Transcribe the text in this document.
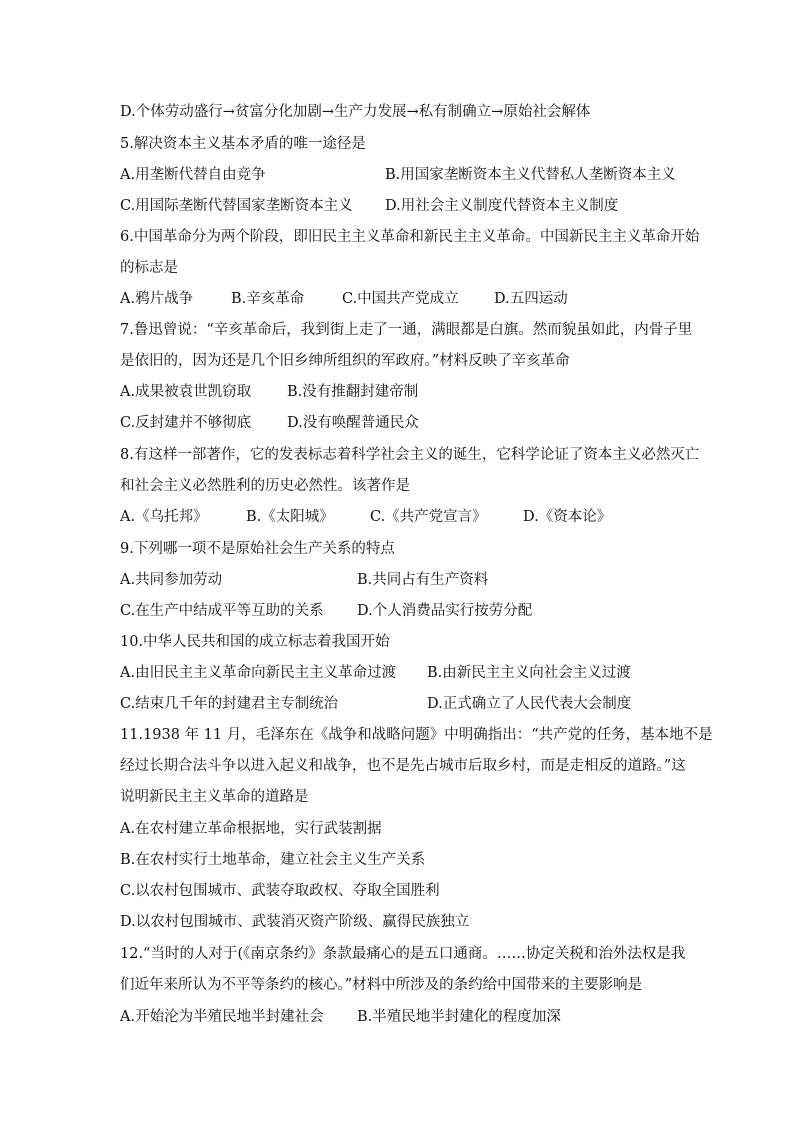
D.个体劳动盛行→贫富分化加剧→生产力发展→私有制确立→原始社会解体
5.解决资本主义基本矛盾的唯一途径是
A.用垄断代替自由竞争	B.用国家垄断资本主义代替私人垄断资本主义
C.用国际垄断代替国家垄断资本主义 D.用社会主义制度代替资本主义制度
6.中国革命分为两个阶段，即旧民主主义革命和新民主主义革命。中国新民主主义革命开始
的标志是
A.鸦片战争	B.辛亥革命	C.中国共产党成立 D.五四运动
7.鲁迅曾说：“辛亥革命后，我到街上走了一通，满眼都是白旗。然而貌虽如此，内骨子里
是依旧的，因为还是几个旧乡绅所组织的军政府。”材料反映了辛亥革命
A.成果被袁世凯窃取 B.没有推翻封建帝制
C.反封建并不够彻底 D.没有唤醒普通民众
8.有这样一部著作，它的发表标志着科学社会主义的诞生，它科学论证了资本主义必然灭亡
和社会主义必然胜利的历史必然性。该著作是
A.《乌托邦》	B.《太阳城》 C.《共产党宣言》	D.《资本论》
9.下列哪一项不是原始社会生产关系的特点
A.共同参加劳动	B.共同占有生产资料
C.在生产中结成平等互助的关系 D.个人消费品实行按劳分配
10.中华人民共和国的成立标志着我国开始
A.由旧民主主义革命向新民主主义革命过渡 B.由新民主主义向社会主义过渡
C.结束几千年的封建君主专制统治	D.正式确立了人民代表大会制度
11.1938 年 11 月，毛泽东在《战争和战略问题》中明确指出：“共产党的任务，基本地不是
经过长期合法斗争以进入起义和战争，也不是先占城市后取乡村，而是走相反的道路。”这
说明新民主主义革命的道路是
A.在农村建立革命根据地，实行武装割据
B.在农村实行土地革命，建立社会主义生产关系
C.以农村包围城市、武装夺取政权、夺取全国胜利
D.以农村包围城市、武装消灭资产阶级、赢得民族独立
12.“当时的人对于(《南京条约》条款最痛心的是五口通商。……协定关税和治外法权是我
们近年来所认为不平等条约的核心。”材料中所涉及的条约给中国带来的主要影响是
A.开始沦为半殖民地半封建社会 B.半殖民地半封建化的程度加深
